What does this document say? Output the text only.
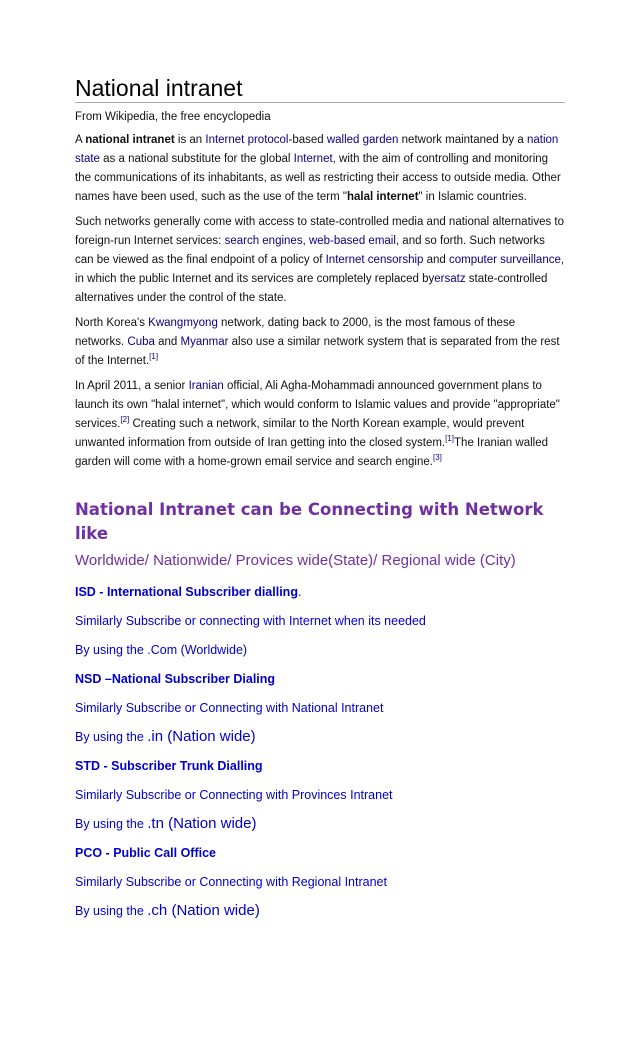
National intranet
From Wikipedia, the free encyclopedia

A national intranet is an Internet protocol-based walled garden network maintaned by a nation state as a national substitute for the global Internet, with the aim of controlling and monitoring the communications of its inhabitants, as well as restricting their access to outside media. Other names have been used, such as the use of the term "halal internet" in Islamic countries.

Such networks generally come with access to state-controlled media and national alternatives to foreign-run Internet services: search engines, web-based email, and so forth. Such networks can be viewed as the final endpoint of a policy of Internet censorship and computer surveillance, in which the public Internet and its services are completely replaced byersatz state-controlled alternatives under the control of the state.

North Korea's Kwangmyong network, dating back to 2000, is the most famous of these networks. Cuba and Myanmar also use a similar network system that is separated from the rest of the Internet.[1]

In April 2011, a senior Iranian official, Ali Agha-Mohammadi announced government plans to launch its own "halal internet", which would conform to Islamic values and provide "appropriate" services.[2] Creating such a network, similar to the North Korean example, would prevent unwanted information from outside of Iran getting into the closed system.[1]The Iranian walled garden will come with a home-grown email service and search engine.[3]

National Intranet can be Connecting with Network like
Worldwide/ Nationwide/ Provices wide(State)/ Regional wide (City)
ISD - International Subscriber dialling.
Similarly Subscribe or connecting with Internet when its needed
By using the .Com (Worldwide)
NSD –National Subscriber Dialing
Similarly Subscribe or Connecting with National Intranet
By using the .in (Nation wide)
STD - Subscriber Trunk Dialling
Similarly Subscribe or Connecting with Provinces Intranet
By using the .tn (Nation wide)
PCO - Public Call Office
Similarly Subscribe or Connecting with Regional Intranet
By using the .ch (Nation wide)
